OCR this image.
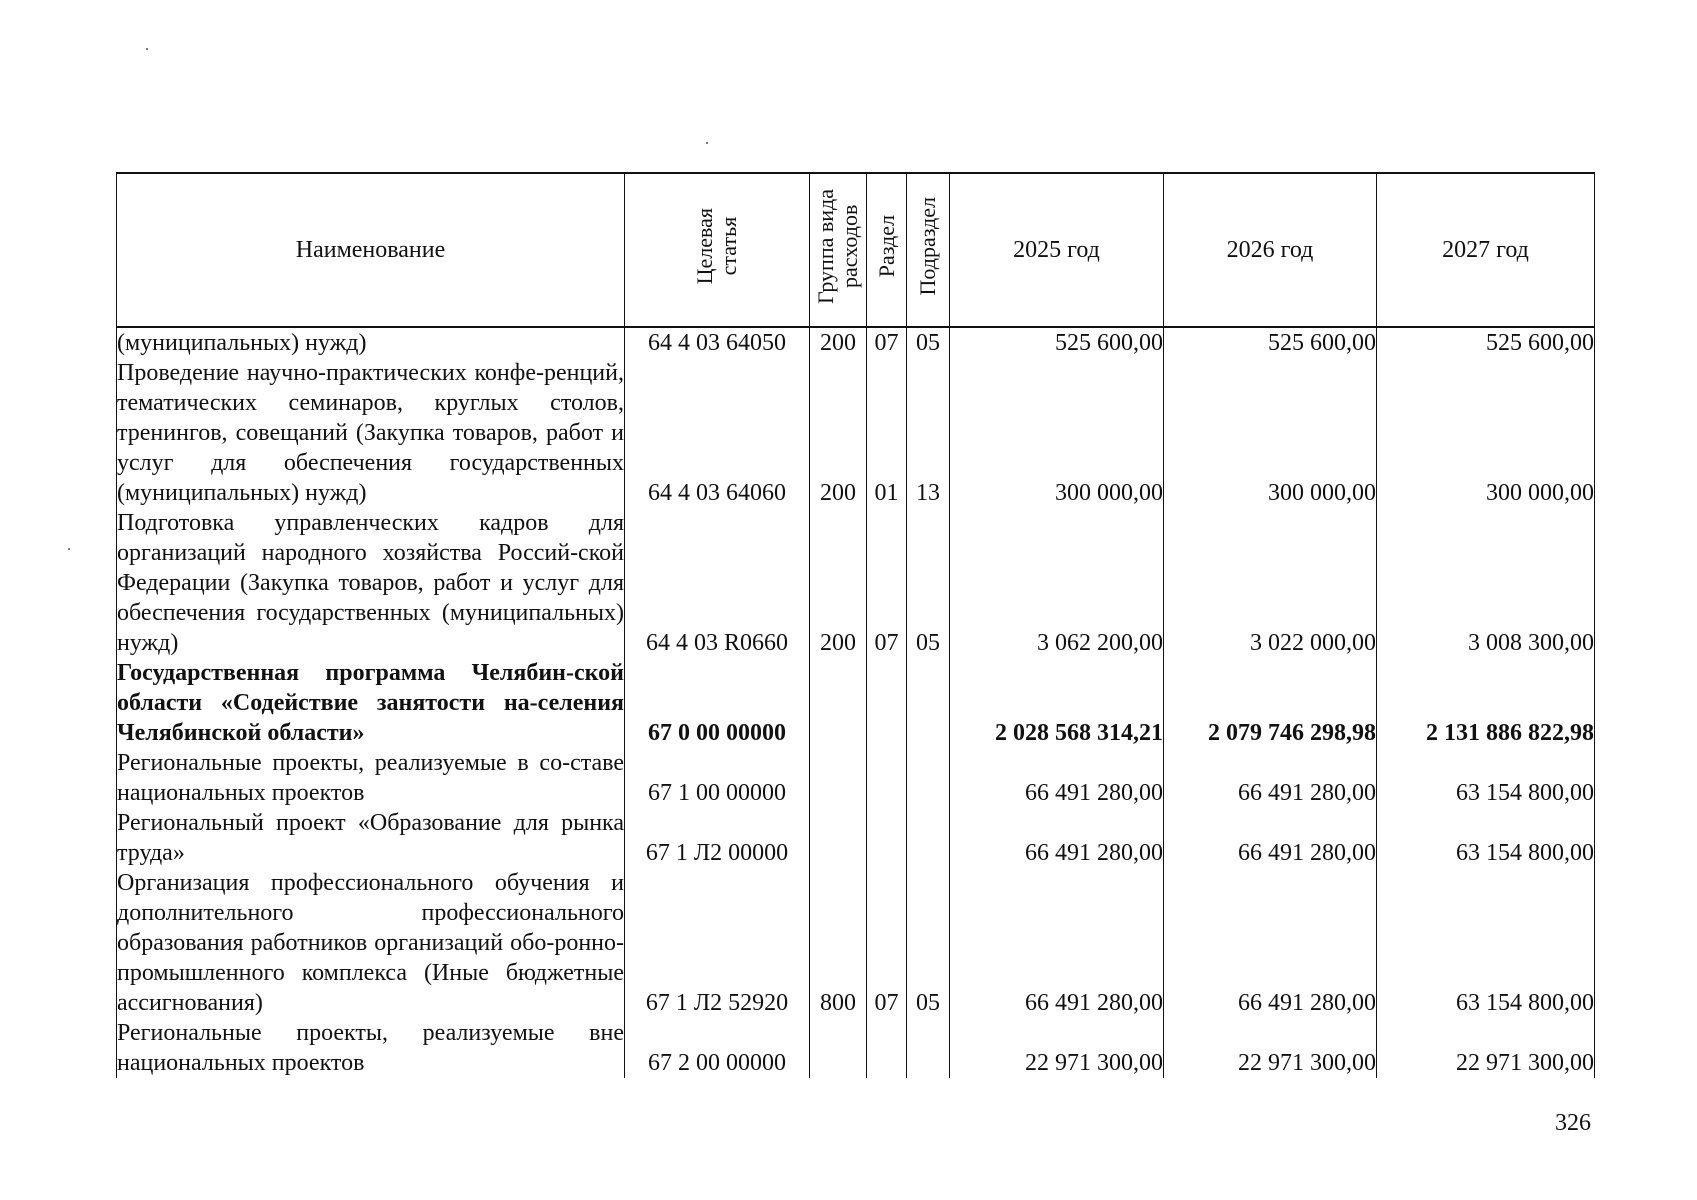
Наименование	Целевая статья	Группа вида расходов	Раздел	Подраздел	2025 год	2026 год	2027 год
(муниципальных) нужд)	64 4 03 64050	200	07	05	525 600,00	525 600,00	525 600,00
Проведение научно-практических конфе-ренций, тематических семинаров, круглых столов, тренингов, совещаний (Закупка товаров, работ и услуг для обеспечения государственных (муниципальных) нужд)	64 4 03 64060	200	01	13	300 000,00	300 000,00	300 000,00
Подготовка управленческих кадров для организаций народного хозяйства Россий-ской Федерации (Закупка товаров, работ и услуг для обеспечения государственных (муниципальных) нужд)	64 4 03 R0660	200	07	05	3 062 200,00	3 022 000,00	3 008 300,00
Государственная программа Челябин-ской области «Содействие занятости на-селения Челябинской области»	67 0 00 00000				2 028 568 314,21	2 079 746 298,98	2 131 886 822,98
Региональные проекты, реализуемые в со-ставе национальных проектов	67 1 00 00000				66 491 280,00	66 491 280,00	63 154 800,00
Региональный проект «Образование для рынка труда»	67 1 Л2 00000				66 491 280,00	66 491 280,00	63 154 800,00
Организация профессионального обучения и дополнительного профессионального образования работников организаций обо-ронно-промышленного комплекса (Иные бюджетные ассигнования)	67 1 Л2 52920	800	07	05	66 491 280,00	66 491 280,00	63 154 800,00
Региональные проекты, реализуемые вне национальных проектов	67 2 00 00000				22 971 300,00	22 971 300,00	22 971 300,00
326
